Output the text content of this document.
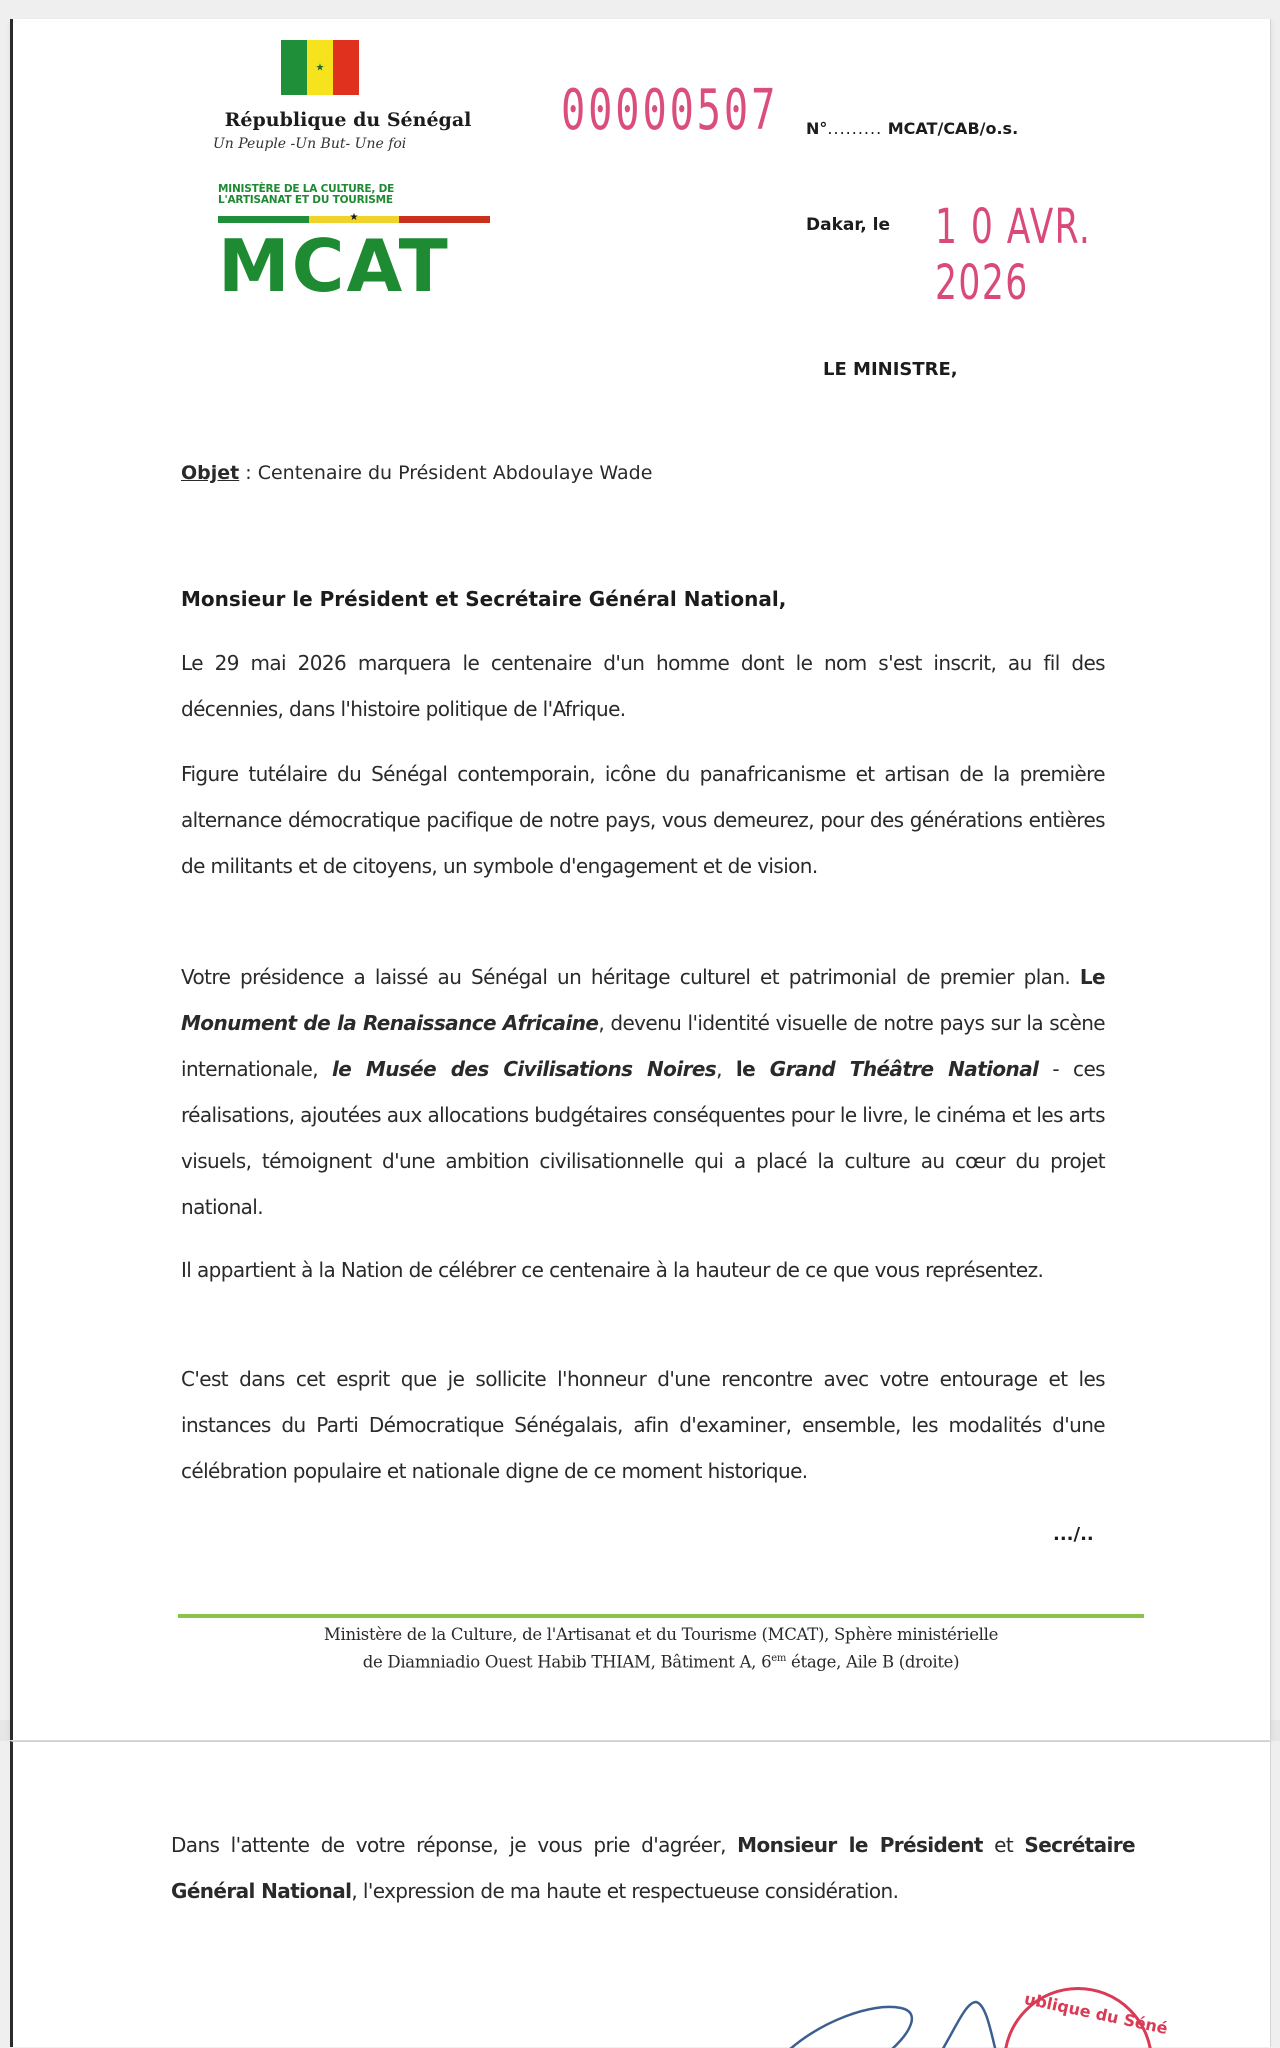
★
République du Sénégal
Un Peuple -Un But- Une foi
MINISTÈRE DE LA CULTURE, DE
L'ARTISANAT ET DU TOURISME
★
MCAT
00000507 N°......... MCAT/CAB/o.s.
Dakar, le 1 0 AVR. 2026
LE MINISTRE,
Objet : Centenaire du Président Abdoulaye Wade
Monsieur le Président et Secrétaire Général National,

Le 29 mai 2026 marquera le centenaire d'un homme dont le nom s'est inscrit, au fil des décennies, dans l'histoire politique de l'Afrique.

Figure tutélaire du Sénégal contemporain, icône du panafricanisme et artisan de la première alternance démocratique pacifique de notre pays, vous demeurez, pour des générations entières de militants et de citoyens, un symbole d'engagement et de vision.

Votre présidence a laissé au Sénégal un héritage culturel et patrimonial de premier plan. Le Monument de la Renaissance Africaine, devenu l'identité visuelle de notre pays sur la scène internationale, le Musée des Civilisations Noires, le Grand Théâtre National - ces réalisations, ajoutées aux allocations budgétaires conséquentes pour le livre, le cinéma et les arts visuels, témoignent d'une ambition civilisationnelle qui a placé la culture au cœur du projet national.

Il appartient à la Nation de célébrer ce centenaire à la hauteur de ce que vous représentez.

C'est dans cet esprit que je sollicite l'honneur d'une rencontre avec votre entourage et les instances du Parti Démocratique Sénégalais, afin d'examiner, ensemble, les modalités d'une célébration populaire et nationale digne de ce moment historique.

.../..
Ministère de la Culture, de l'Artisanat et du Tourisme (MCAT), Sphère ministérielle
de Diamniadio Ouest Habib THIAM, Bâtiment A, $6^{em}$ étage, Aile B (droite)

Dans l'attente de votre réponse, je vous prie d'agréer, Monsieur le Président et Secrétaire Général National, l'expression de ma haute et respectueuse considération.

ublique du Séné
